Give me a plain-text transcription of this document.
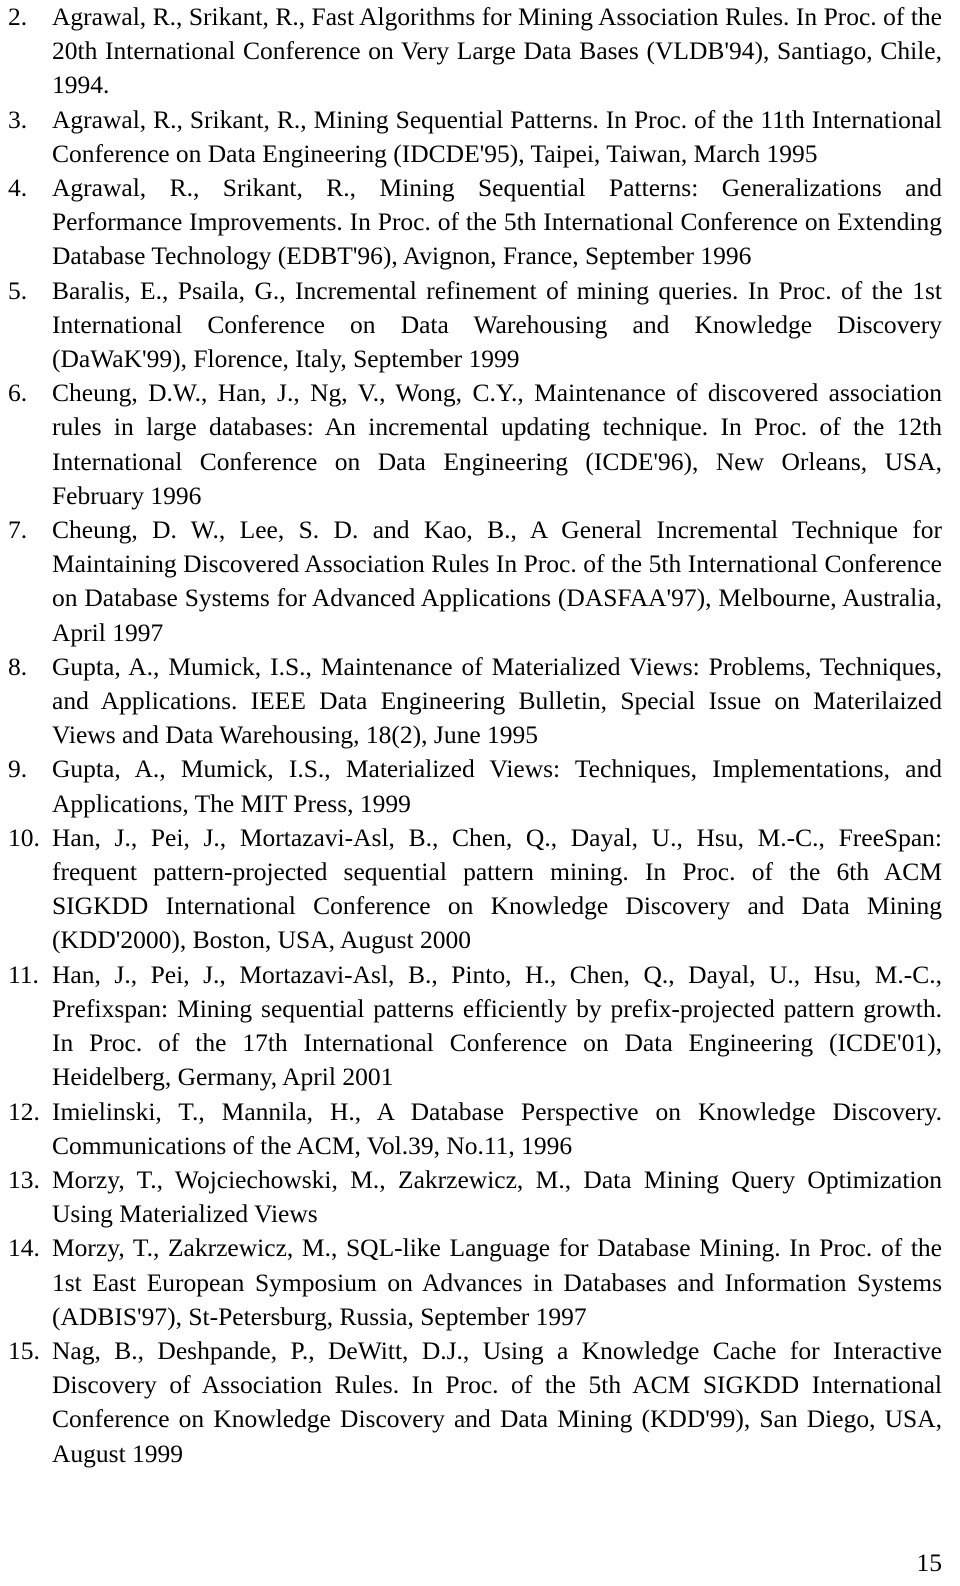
2. Agrawal, R., Srikant, R., Fast Algorithms for Mining Association Rules. In Proc. of the 20th International Conference on Very Large Data Bases (VLDB'94), Santiago, Chile, 1994.
3. Agrawal, R., Srikant, R., Mining Sequential Patterns. In Proc. of the 11th International Conference on Data Engineering (IDCDE'95), Taipei, Taiwan, March 1995
4. Agrawal, R., Srikant, R., Mining Sequential Patterns: Generalizations and Performance Improvements. In Proc. of the 5th International Conference on Extending Database Technology (EDBT'96), Avignon, France, September 1996
5. Baralis, E., Psaila, G., Incremental refinement of mining queries. In Proc. of the 1st International Conference on Data Warehousing and Knowledge Discovery (DaWaK'99), Florence, Italy, September 1999
6. Cheung, D.W., Han, J., Ng, V., Wong, C.Y., Maintenance of discovered association rules in large databases: An incremental updating technique. In Proc. of the 12th International Conference on Data Engineering (ICDE'96), New Orleans, USA, February 1996
7. Cheung, D. W., Lee, S. D. and Kao, B., A General Incremental Technique for Maintaining Discovered Association Rules In Proc. of the 5th International Conference on Database Systems for Advanced Applications (DASFAA'97), Melbourne, Australia, April 1997
8. Gupta, A., Mumick, I.S., Maintenance of Materialized Views: Problems, Techniques, and Applications. IEEE Data Engineering Bulletin, Special Issue on Materilaized Views and Data Warehousing, 18(2), June 1995
9. Gupta, A., Mumick, I.S., Materialized Views: Techniques, Implementations, and Applications, The MIT Press, 1999
10. Han, J., Pei, J., Mortazavi-Asl, B., Chen, Q., Dayal, U., Hsu, M.-C., FreeSpan: frequent pattern-projected sequential pattern mining. In Proc. of the 6th ACM SIGKDD International Conference on Knowledge Discovery and Data Mining (KDD'2000), Boston, USA, August 2000
11. Han, J., Pei, J., Mortazavi-Asl, B., Pinto, H., Chen, Q., Dayal, U., Hsu, M.-C., Prefixspan: Mining sequential patterns efficiently by prefix-projected pattern growth. In Proc. of the 17th International Conference on Data Engineering (ICDE'01), Heidelberg, Germany, April 2001
12. Imielinski, T., Mannila, H., A Database Perspective on Knowledge Discovery. Communications of the ACM, Vol.39, No.11, 1996
13. Morzy, T., Wojciechowski, M., Zakrzewicz, M., Data Mining Query Optimization Using Materialized Views
14. Morzy, T., Zakrzewicz, M., SQL-like Language for Database Mining. In Proc. of the 1st East European Symposium on Advances in Databases and Information Systems (ADBIS'97), St-Petersburg, Russia, September 1997
15. Nag, B., Deshpande, P., DeWitt, D.J., Using a Knowledge Cache for Interactive Discovery of Association Rules. In Proc. of the 5th ACM SIGKDD International Conference on Knowledge Discovery and Data Mining (KDD'99), San Diego, USA, August 1999
15
